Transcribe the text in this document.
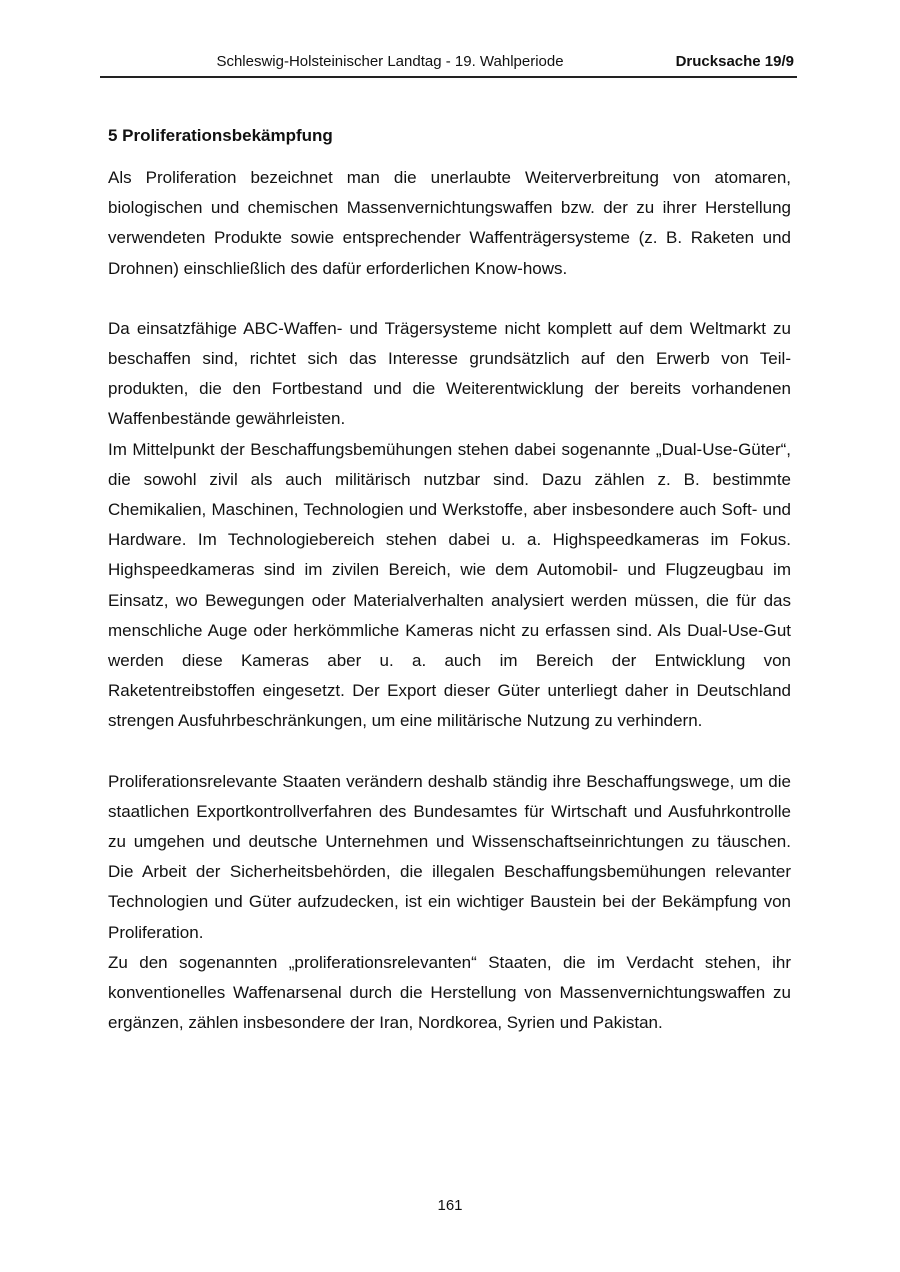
Schleswig-Holsteinischer Landtag - 19. Wahlperiode	Drucksache 19/9
5 Proliferationsbekämpfung

Als Proliferation bezeichnet man die unerlaubte Weiterverbreitung von atomaren, biologischen und chemischen Massenvernichtungswaffen bzw. der zu ihrer Herstellung verwendeten Produkte sowie entsprechender Waffenträgersysteme (z. B. Raketen und Drohnen) einschließlich des dafür erforderlichen Know-hows.

Da einsatzfähige ABC-Waffen- und Trägersysteme nicht komplett auf dem Weltmarkt zu beschaffen sind, richtet sich das Interesse grundsätzlich auf den Erwerb von Teilprodukten, die den Fortbestand und die Weiterentwicklung der bereits vorhandenen Waffenbestände gewährleisten.

Im Mittelpunkt der Beschaffungsbemühungen stehen dabei sogenannte „Dual-Use-Güter“, die sowohl zivil als auch militärisch nutzbar sind. Dazu zählen z. B. bestimmte Chemikalien, Maschinen, Technologien und Werkstoffe, aber insbesondere auch Soft- und Hardware. Im Technologiebereich stehen dabei u. a. Highspeedkameras im Fokus. Highspeedkameras sind im zivilen Bereich, wie dem Automobil- und Flugzeugbau im Einsatz, wo Bewegungen oder Materialverhalten analysiert werden müssen, die für das menschliche Auge oder herkömmliche Kameras nicht zu erfassen sind. Als Dual-Use-Gut werden diese Kameras aber u. a. auch im Bereich der Entwicklung von Raketentreibstoffen eingesetzt. Der Export dieser Güter unterliegt daher in Deutschland strengen Ausfuhrbeschränkungen, um eine militärische Nutzung zu verhindern.

Proliferationsrelevante Staaten verändern deshalb ständig ihre Beschaffungswege, um die staatlichen Exportkontrollverfahren des Bundesamtes für Wirtschaft und Ausfuhrkontrolle zu umgehen und deutsche Unternehmen und Wissenschaftseinrichtungen zu täuschen. Die Arbeit der Sicherheitsbehörden, die illegalen Beschaffungsbemühungen relevanter Technologien und Güter aufzudecken, ist ein wichtiger Baustein bei der Bekämpfung von Proliferation.

Zu den sogenannten „proliferationsrelevanten“ Staaten, die im Verdacht stehen, ihr konventionelles Waffenarsenal durch die Herstellung von Massenvernichtungswaffen zu ergänzen, zählen insbesondere der Iran, Nordkorea, Syrien und Pakistan.

161
